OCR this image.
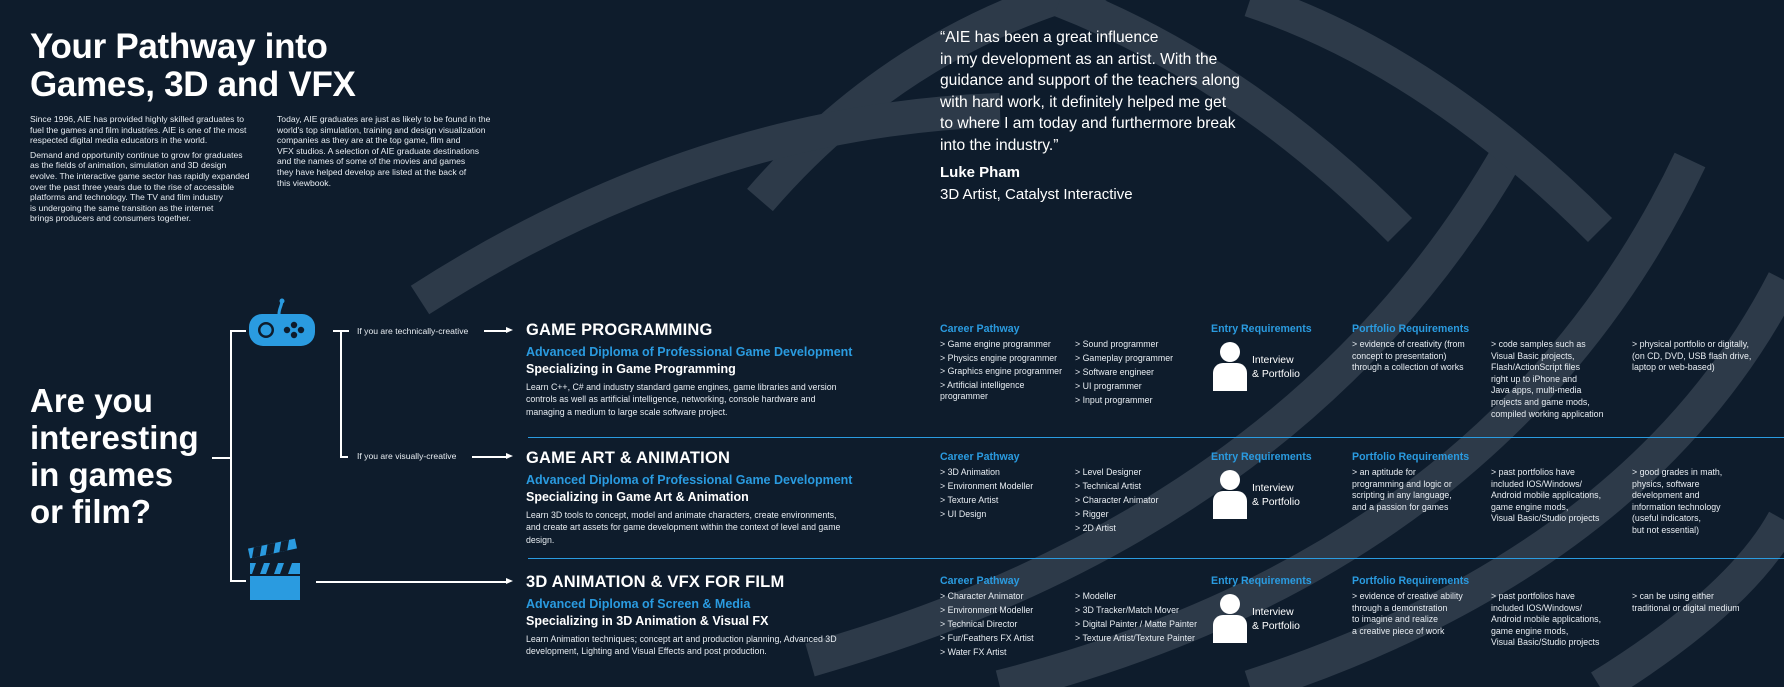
Your Pathway into
Games, 3D and VFX

Since 1996, AIE has provided highly skilled graduates to
fuel the games and film industries. AIE is one of the most
respected digital media educators in the world.

Demand and opportunity continue to grow for graduates
as the fields of animation, simulation and 3D design
evolve. The interactive game sector has rapidly expanded
over the past three years due to the rise of accessible
platforms and technology. The TV and film industry
is undergoing the same transition as the internet
brings producers and consumers together.

Today, AIE graduates are just as likely to be found in the
world's top simulation, training and design visualization
companies as they are at the top game, film and
VFX studios. A selection of AIE graduate destinations
and the names of some of the movies and games
they have helped develop are listed at the back of
this viewbook.

“AIE has been a great influence
in my development as an artist. With the
guidance and support of the teachers along
with hard work, it definitely helped me get
to where I am today and furthermore break
into the industry.”
Luke Pham
3D Artist, Catalyst Interactive
Are you
interesting
in games
or film?
If you are technically-creative
If you are visually-creative
GAME PROGRAMMING
Advanced Diploma of Professional Game Development
Specializing in Game Programming
Learn C++, C# and industry standard game engines, game libraries and version controls as well as artificial intelligence, networking, console hardware and managing a medium to large scale software project.
Career Pathway
> Game engine programmer
> Physics engine programmer
> Graphics engine programmer
> Artificial intelligence programmer
> Sound programmer
> Gameplay programmer
> Software engineer
> UI programmer
> Input programmer
Entry Requirements
Interview
& Portfolio
Portfolio Requirements
> evidence of creativity (from
concept to presentation)
through a collection of works
> code samples such as
Visual Basic projects,
Flash/ActionScript files
right up to iPhone and
Java apps, multi-media
projects and game mods,
compiled working application
> physical portfolio or digitally,
(on CD, DVD, USB flash drive,
laptop or web-based)
GAME ART & ANIMATION
Advanced Diploma of Professional Game Development
Specializing in Game Art & Animation
Learn 3D tools to concept, model and animate characters, create environments, and create art assets for game development within the context of level and game design.
Career Pathway
> 3D Animation
> Environment Modeller
> Texture Artist
> UI Design
> Level Designer
> Technical Artist
> Character Animator
> Rigger
> 2D Artist
Entry Requirements
Interview
& Portfolio
Portfolio Requirements
> an aptitude for
programming and logic or
scripting in any language,
and a passion for games
> past portfolios have
included IOS/Windows/
Android mobile applications,
game engine mods,
Visual Basic/Studio projects
> good grades in math,
physics, software
development and
information technology
(useful indicators,
but not essential)
3D ANIMATION & VFX FOR FILM
Advanced Diploma of Screen & Media
Specializing in 3D Animation & Visual FX
Learn Animation techniques; concept art and production planning, Advanced 3D development, Lighting and Visual Effects and post production.
Career Pathway
> Character Animator
> Environment Modeller
> Technical Director
> Fur/Feathers FX Artist
> Water FX Artist
> Modeller
> 3D Tracker/Match Mover
> Digital Painter / Matte Painter
> Texture Artist/Texture Painter
Entry Requirements
Interview
& Portfolio
Portfolio Requirements
> evidence of creative ability
through a demonstration
to imagine and realize
a creative piece of work
> past portfolios have
included IOS/Windows/
Android mobile applications,
game engine mods,
Visual Basic/Studio projects
> can be using either
traditional or digital medium
